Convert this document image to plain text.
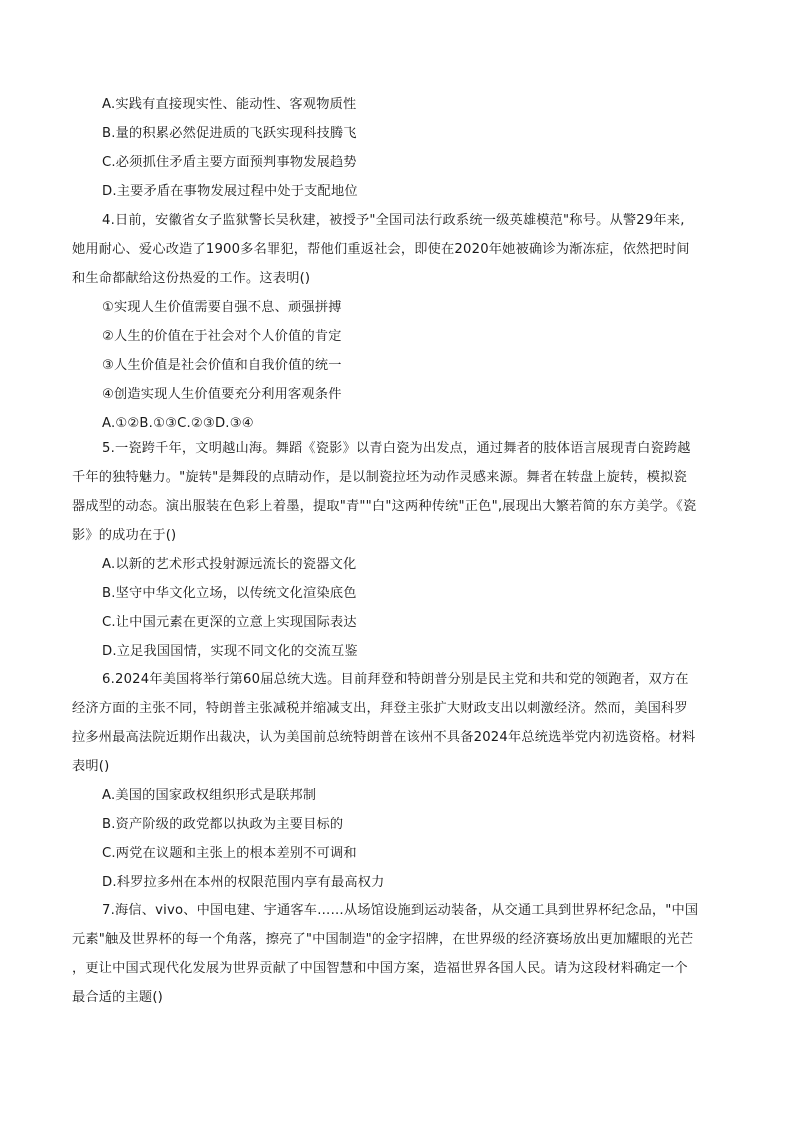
A.实践有直接现实性、能动性、客观物质性
B.量的积累必然促进质的飞跃实现科技腾飞
C.必须抓住矛盾主要方面预判事物发展趋势
D.主要矛盾在事物发展过程中处于支配地位
4.日前，安徽省女子监狱警长吴秋建，被授予"全国司法行政系统一级英雄模范"称号。从警29年来,
她用耐心、爱心改造了1900多名罪犯，帮他们重返社会，即使在2020年她被确诊为渐冻症，依然把时间
和生命都献给这份热爱的工作。这表明()
①实现人生价值需要自强不息、顽强拼搏
②人生的价值在于社会对个人价值的肯定
③人生价值是社会价值和自我价值的统一
④创造实现人生价值要充分利用客观条件
A.①②B.①③C.②③D.③④
5.一瓷跨千年，文明越山海。舞蹈《瓷影》以青白瓷为出发点，通过舞者的肢体语言展现青白瓷跨越
千年的独特魅力。"旋转"是舞段的点睛动作，是以制瓷拉坯为动作灵感来源。舞者在转盘上旋转，模拟瓷
器成型的动态。演出服装在色彩上着墨，提取"青""白"这两种传统"正色",展现出大繁若简的东方美学。《瓷
影》的成功在于()
A.以新的艺术形式投射源远流长的瓷器文化
B.坚守中华文化立场，以传统文化渲染底色
C.让中国元素在更深的立意上实现国际表达
D.立足我国国情，实现不同文化的交流互鉴
6.2024年美国将举行第60届总统大选。目前拜登和特朗普分别是民主党和共和党的领跑者，双方在
经济方面的主张不同，特朗普主张减税并缩减支出，拜登主张扩大财政支出以刺激经济。然而，美国科罗
拉多州最高法院近期作出裁决，认为美国前总统特朗普在该州不具备2024年总统选举党内初选资格。材料
表明()
A.美国的国家政权组织形式是联邦制
B.资产阶级的政党都以执政为主要目标的
C.两党在议题和主张上的根本差别不可调和
D.科罗拉多州在本州的权限范围内享有最高权力
7.海信、vivo、中国电建、宇通客车……从场馆设施到运动装备，从交通工具到世界杯纪念品，"中国
元素"触及世界杯的每一个角落，擦亮了"中国制造"的金字招牌，在世界级的经济赛场放出更加耀眼的光芒
，更让中国式现代化发展为世界贡献了中国智慧和中国方案，造福世界各国人民。请为这段材料确定一个
最合适的主题()
